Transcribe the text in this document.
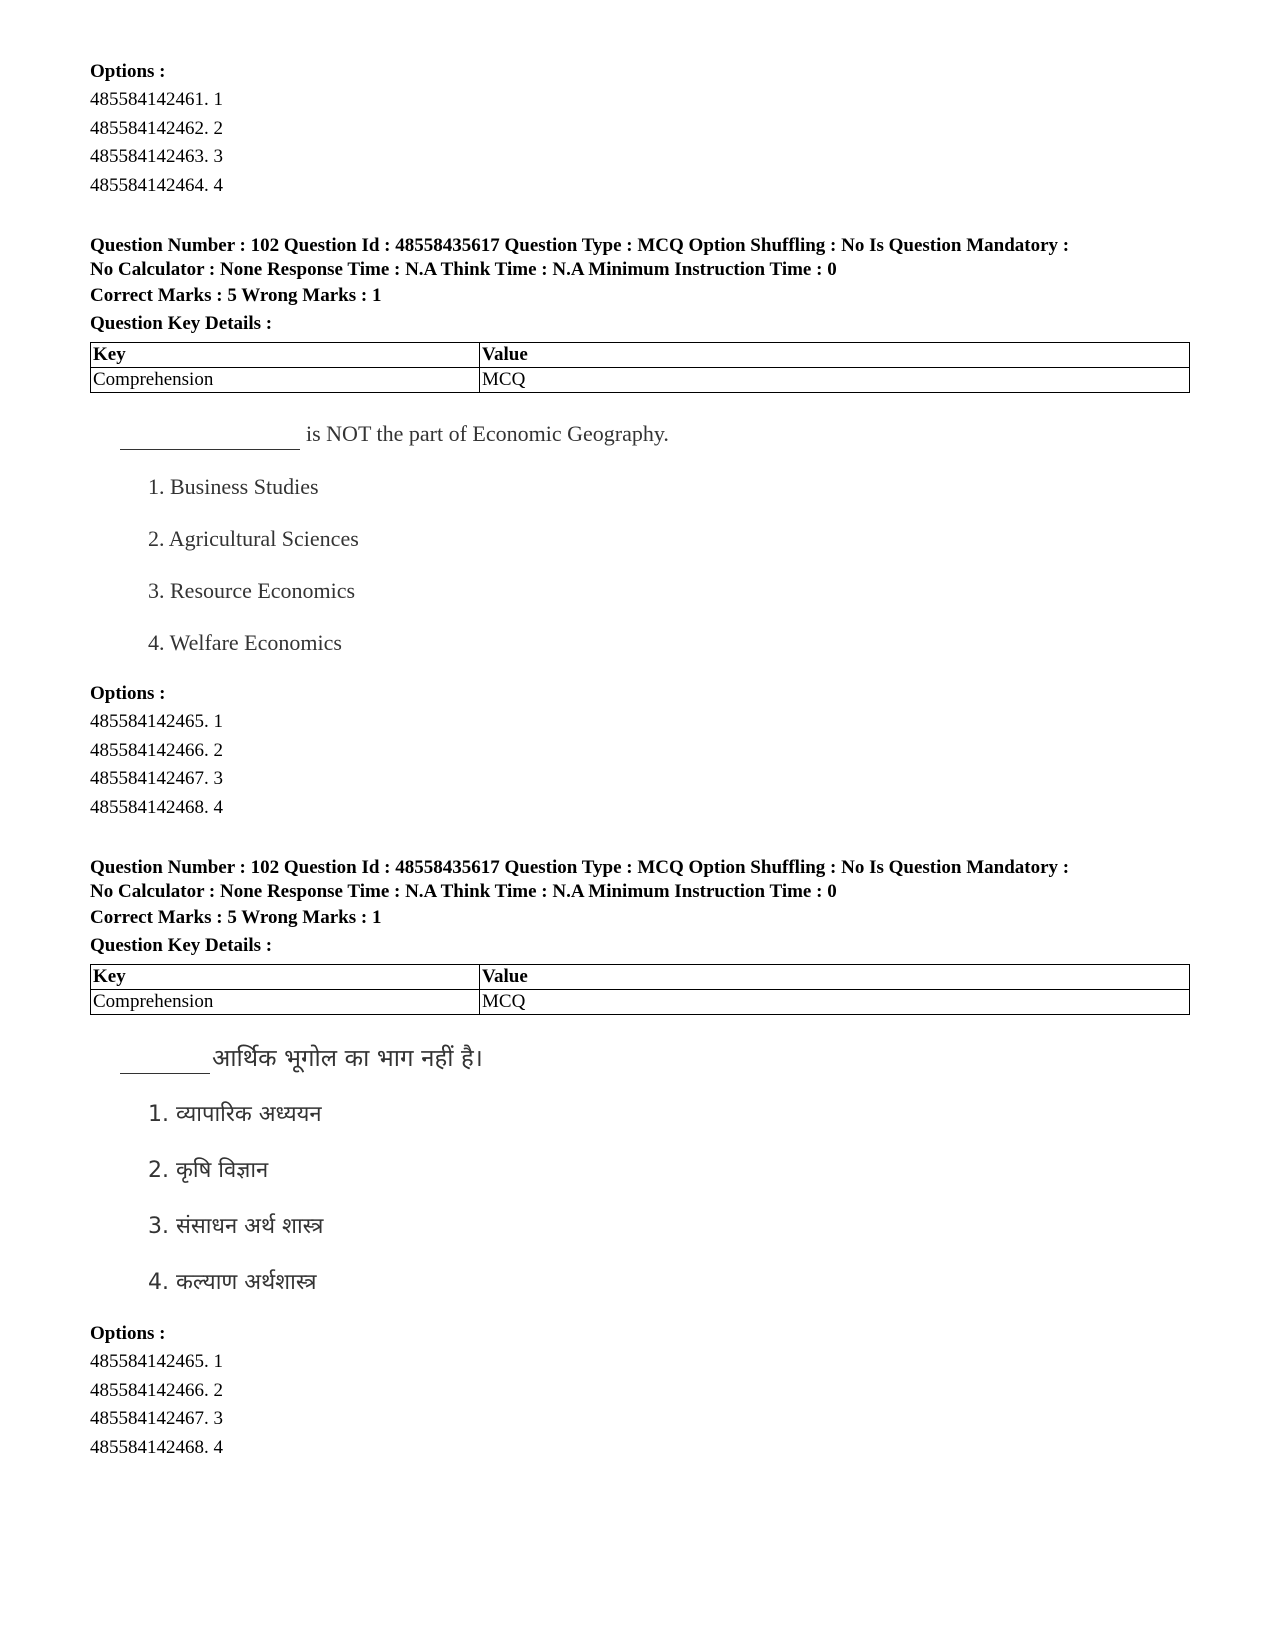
Options :
485584142461. 1
485584142462. 2
485584142463. 3
485584142464. 4
Question Number : 102 Question Id : 48558435617 Question Type : MCQ Option Shuffling : No Is Question Mandatory :
No Calculator : None Response Time : N.A Think Time : N.A Minimum Instruction Time : 0
Correct Marks : 5 Wrong Marks : 1
Question Key Details :
Key	Value
Comprehension	MCQ
is NOT the part of Economic Geography.
1. Business Studies
2. Agricultural Sciences
3. Resource Economics
4. Welfare Economics
Options :
485584142465. 1
485584142466. 2
485584142467. 3
485584142468. 4
Question Number : 102 Question Id : 48558435617 Question Type : MCQ Option Shuffling : No Is Question Mandatory :
No Calculator : None Response Time : N.A Think Time : N.A Minimum Instruction Time : 0
Correct Marks : 5 Wrong Marks : 1
Question Key Details :
Key	Value
Comprehension	MCQ
आर्थिक भूगोल का भाग नहीं है।
1. व्यापारिक अध्ययन
2. कृषि विज्ञान
3. संसाधन अर्थ शास्त्र
4. कल्याण अर्थशास्त्र
Options :
485584142465. 1
485584142466. 2
485584142467. 3
485584142468. 4
